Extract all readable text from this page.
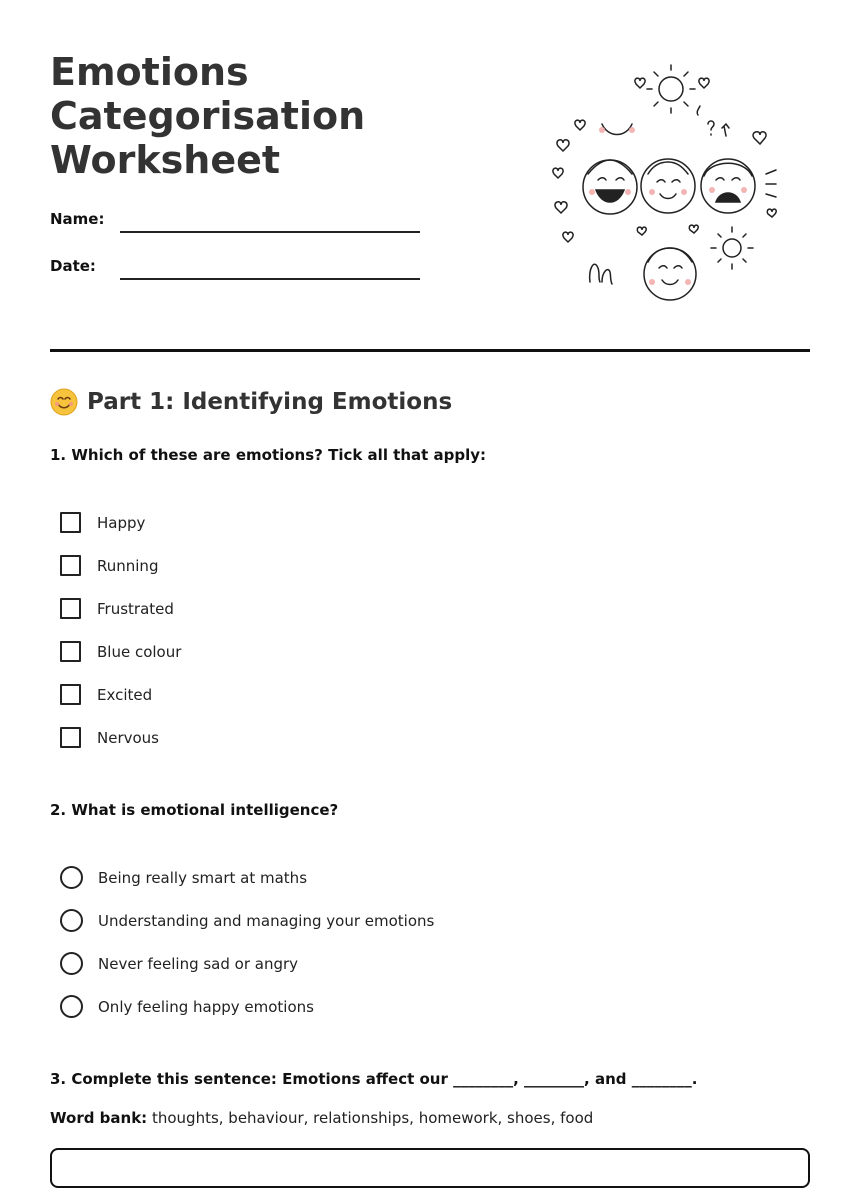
Emotions
Categorisation
Worksheet
Name:
Date:
Part 1: Identifying Emotions
1. Which of these are emotions? Tick all that apply:
Happy
Running
Frustrated
Blue colour
Excited
Nervous
2. What is emotional intelligence?
Being really smart at maths
Understanding and managing your emotions
Never feeling sad or angry
Only feeling happy emotions
3. Complete this sentence: Emotions affect our ________, ________, and ________.
Word bank: thoughts, behaviour, relationships, homework, shoes, food
